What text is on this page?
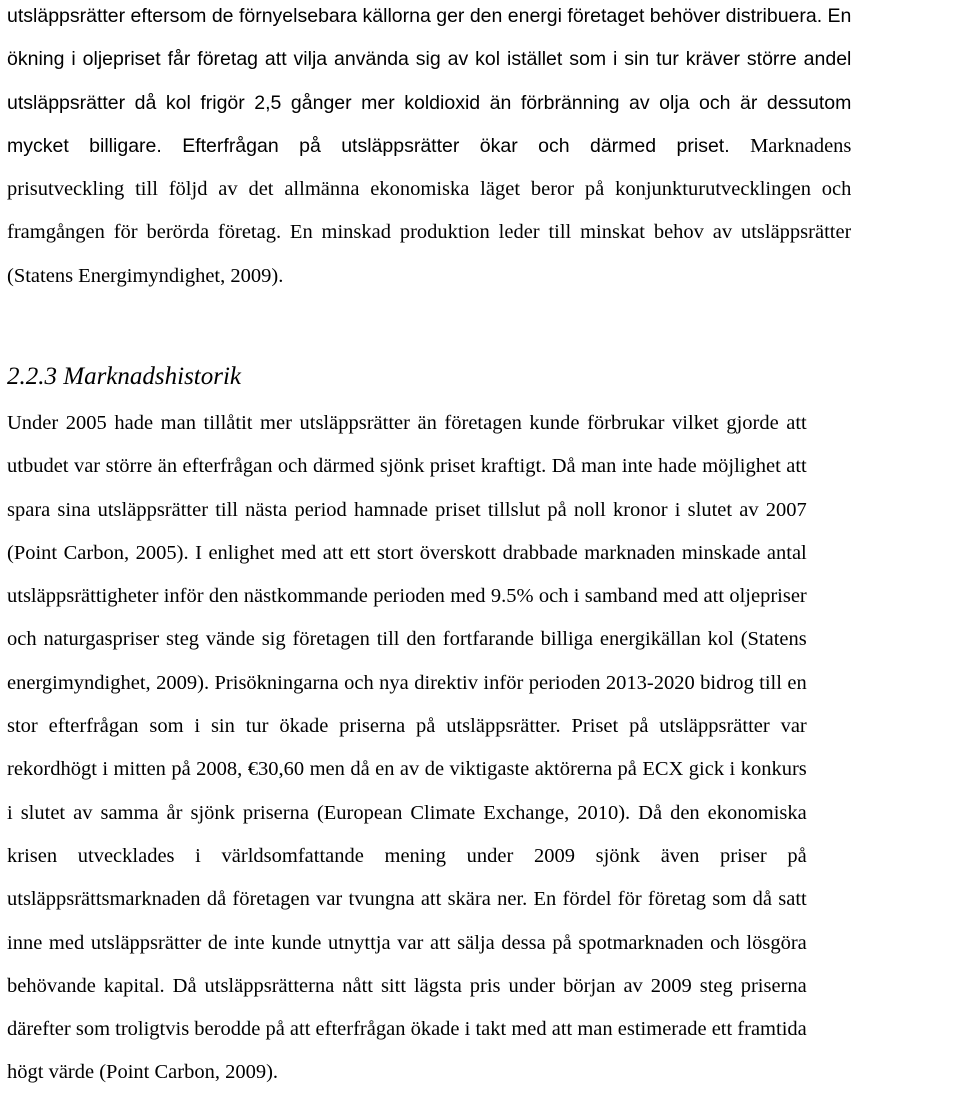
utsläppsrätter eftersom de förnyelsebara källorna ger den energi företaget behöver distribuera. En
ökning i oljepriset får företag att vilja använda sig av kol istället som i sin tur kräver större andel
utsläppsrätter då kol frigör 2,5 gånger mer koldioxid än förbränning av olja och är dessutom
mycket billigare. Efterfrågan på utsläppsrätter ökar och därmed priset. Marknadens
prisutveckling till följd av det allmänna ekonomiska läget beror på konjunkturutvecklingen och
framgången för berörda företag. En minskad produktion leder till minskat behov av utsläppsrätter
(Statens Energimyndighet, 2009).
2.2.3 Marknadshistorik
Under 2005 hade man tillåtit mer utsläppsrätter än företagen kunde förbrukar vilket gjorde att
utbudet var större än efterfrågan och därmed sjönk priset kraftigt. Då man inte hade möjlighet att
spara sina utsläppsrätter till nästa period hamnade priset tillslut på noll kronor i slutet av 2007
(Point Carbon, 2005). I enlighet med att ett stort överskott drabbade marknaden minskade antal
utsläppsrättigheter inför den nästkommande perioden med 9.5% och i samband med att oljepriser
och naturgaspriser steg vände sig företagen till den fortfarande billiga energikällan kol (Statens
energimyndighet, 2009). Prisökningarna och nya direktiv inför perioden 2013-2020 bidrog till en
stor efterfrågan som i sin tur ökade priserna på utsläppsrätter. Priset på utsläppsrätter var
rekordhögt i mitten på 2008, €30,60 men då en av de viktigaste aktörerna på ECX gick i konkurs
i slutet av samma år sjönk priserna (European Climate Exchange, 2010). Då den ekonomiska
krisen utvecklades i världsomfattande mening under 2009 sjönk även priser på
utsläppsrättsmarknaden då företagen var tvungna att skära ner. En fördel för företag som då satt
inne med utsläppsrätter de inte kunde utnyttja var att sälja dessa på spotmarknaden och lösgöra
behövande kapital. Då utsläppsrätterna nått sitt lägsta pris under början av 2009 steg priserna
därefter som troligtvis berodde på att efterfrågan ökade i takt med att man estimerade ett framtida
högt värde (Point Carbon, 2009).
